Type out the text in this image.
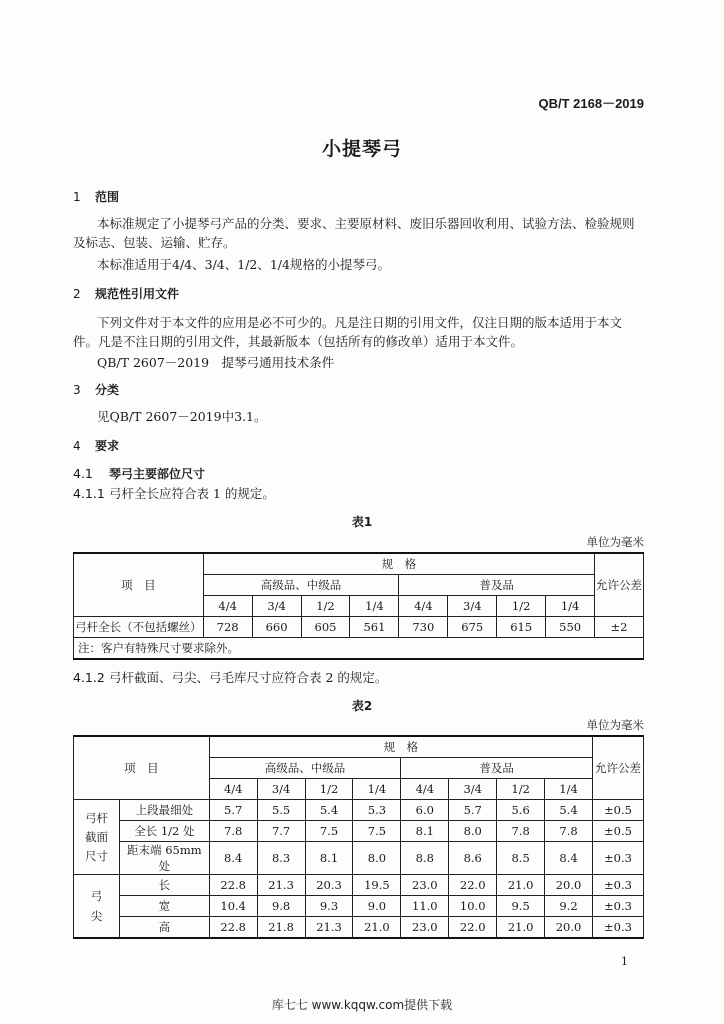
QB/T 2168－2019
小提琴弓
1 范围
本标准规定了小提琴弓产品的分类、要求、主要原材料、废旧乐器回收利用、试验方法、检验规则及标志、包装、运输、贮存。
本标准适用于4/4、3/4、1/2、1/4规格的小提琴弓。
2 规范性引用文件
下列文件对于本文件的应用是必不可少的。凡是注日期的引用文件，仅注日期的版本适用于本文件。凡是不注日期的引用文件，其最新版本（包括所有的修改单）适用于本文件。
QB/T 2607－2019　提琴弓通用技术条件
3 分类
见QB/T 2607－2019中3.1。
4 要求
4.1 琴弓主要部位尺寸
4.1.1 弓杆全长应符合表 1 的规定。
表1
单位为毫米
项　目	规　格								允许公差
	高级品、中级品				普及品				
	4/4	3/4	1/2	1/4	4/4	3/4	1/2	1/4	
弓杆全长（不包括螺丝）	728	660	605	561	730	675	615	550	±2
注：客户有特殊尺寸要求除外。									
4.1.2 弓杆截面、弓尖、弓毛库尺寸应符合表 2 的规定。
表2
单位为毫米
项　目		规　格								允许公差
		高级品、中级品				普及品				
		4/4	3/4	1/2	1/4	4/4	3/4	1/2	1/4	
弓杆截面尺寸	上段最细处	5.7	5.5	5.4	5.3	6.0	5.7	5.6	5.4	±0.5
	全长 1/2 处	7.8	7.7	7.5	7.5	8.1	8.0	7.8	7.8	±0.5
	距末端 65mm 处	8.4	8.3	8.1	8.0	8.8	8.6	8.5	8.4	±0.3
弓尖	长	22.8	21.3	20.3	19.5	23.0	22.0	21.0	20.0	±0.3
	宽	10.4	9.8	9.3	9.0	11.0	10.0	9.5	9.2	±0.3
	高	22.8	21.8	21.3	21.0	23.0	22.0	21.0	20.0	±0.3
1
库七七 www.kqqw.com提供下载
